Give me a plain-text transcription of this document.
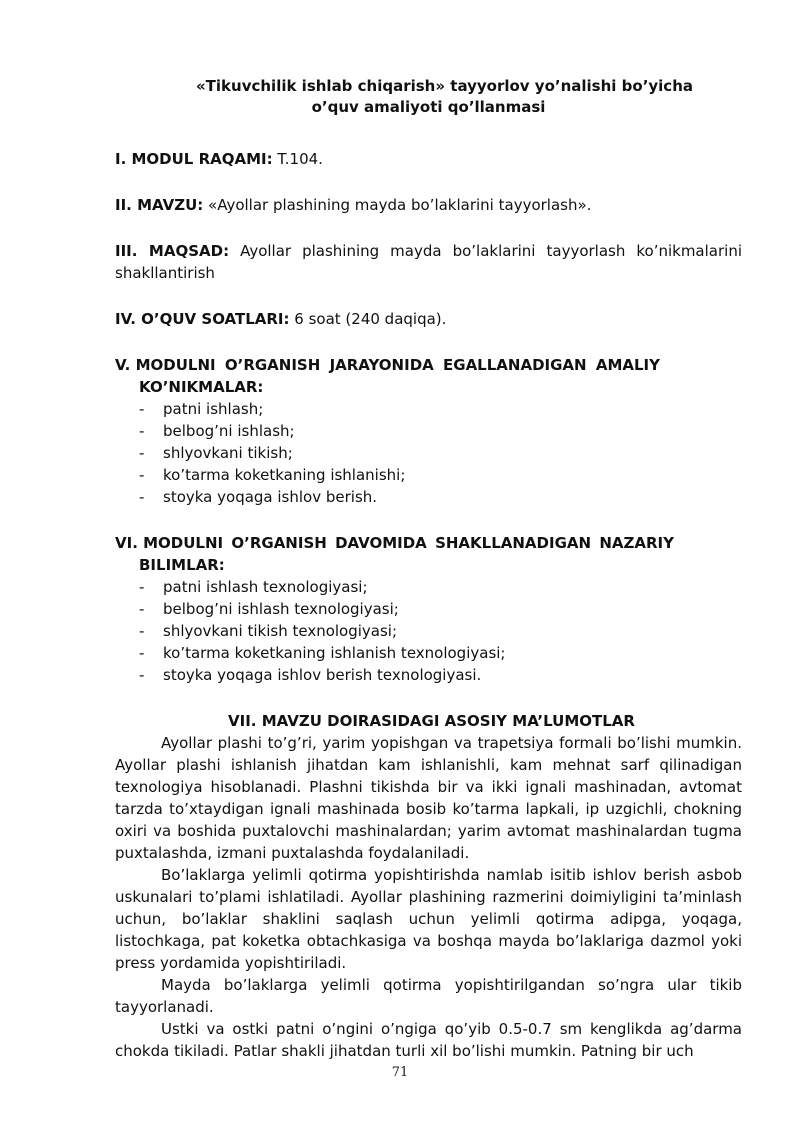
«Tikuvchilik ishlab chiqarish» tayyorlov yo’nalishi bo’yicha
o’quv amaliyoti qo’llanmasi
I. MODUL RAQAMI: T.104.
II. MAVZU: «Ayollar plashining mayda bo’laklarini tayyorlash».
III. MAQSAD: Ayollar plashining mayda bo’laklarini tayyorlash ko’nikmalarini shakllantirish
IV. O’QUV SOATLARI: 6 soat (240 daqiqa).
V. MODULNI O’RGANISH JARAYONIDA EGALLANADIGAN AMALIY
KO’NIKMALAR:
- patni ishlash;
- belbog’ni ishlash;
- shlyovkani tikish;
- ko’tarma koketkaning ishlanishi;
- stoyka yoqaga ishlov berish.
VI. MODULNI O’RGANISH DAVOMIDA SHAKLLANADIGAN NAZARIY
BILIMLAR:
- patni ishlash texnologiyasi;
- belbog’ni ishlash texnologiyasi;
- shlyovkani tikish texnologiyasi;
- ko’tarma koketkaning ishlanish texnologiyasi;
- stoyka yoqaga ishlov berish texnologiyasi.
VII. MAVZU DOIRASIDAGI ASOSIY MA’LUMOTLAR
Ayollar plashi to’g’ri, yarim yopishgan va trapetsiya formali bo’lishi mumkin. Ayollar plashi ishlanish jihatdan kam ishlanishli, kam mehnat sarf qilinadigan texnologiya hisoblanadi. Plashni tikishda bir va ikki ignali mashinadan, avtomat tarzda to’xtaydigan ignali mashinada bosib ko’tarma lapkali, ip uzgichli, chokning oxiri va boshida puxtalovchi mashinalardan; yarim avtomat mashinalardan tugma puxtalashda, izmani puxtalashda foydalaniladi.
Bo’laklarga yelimli qotirma yopishtirishda namlab isitib ishlov berish asbob uskunalari to’plami ishlatiladi. Ayollar plashining razmerini doimiyligini ta’minlash uchun, bo’laklar shaklini saqlash uchun yelimli qotirma adipga, yoqaga, listochkaga, pat koketka obtachkasiga va boshqa mayda bo’laklariga dazmol yoki press yordamida yopishtiriladi.
Mayda bo’laklarga yelimli qotirma yopishtirilgandan so’ngra ular tikib tayyorlanadi.
Ustki va ostki patni o’ngini o’ngiga qo’yib 0.5-0.7 sm kenglikda ag’darma chokda tikiladi. Patlar shakli jihatdan turli xil bo’lishi mumkin. Patning bir uch
71
